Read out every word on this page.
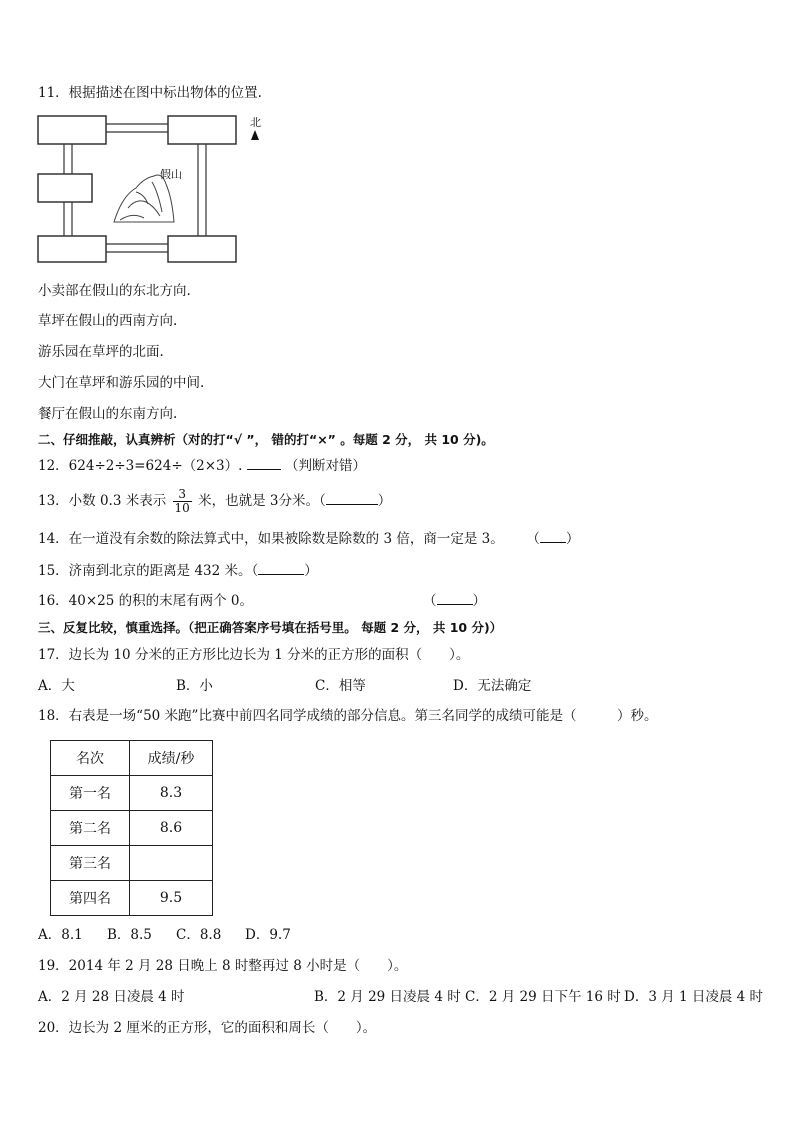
11．根据描述在图中标出物体的位置.
假山
北
小卖部在假山的东北方向.
草坪在假山的西南方向.
游乐园在草坪的北面.
大门在草坪和游乐园的中间.
餐厅在假山的东南方向.
二、仔细推敲，认真辨析（对的打“√ ”， 错的打“×” 。每题 2 分， 共 10 分)。
12．624÷2÷3=624÷（2×3）.	（判断对错）
13．小数 0.3 米表示 $\frac{3}{10}$ 米，也就是 3分米。（	）
14．在一道没有余数的除法算式中，如果被除数是除数的 3 倍，商一定是 3。 （ ）
15．济南到北京的距离是 432 米。（	）
16．40×25 的积的末尾有两个 0。	（	）
三、反复比较，慎重选择。（把正确答案序号填在括号里。 每题 2 分， 共 10 分)）
17．边长为 10 分米的正方形比边长为 1 分米的正方形的面积（　　）。
A．大	B．小	C．相等	D．无法确定
18．右表是一场“50 米跑”比赛中前四名同学成绩的部分信息。第三名同学的成绩可能是（　　　）秒。
名次	成绩/秒
第一名	8.3
第二名	8.6
第三名	
第四名	9.5
A．8.1 B．8.5 C．8.8 D．9.7
19．2014 年 2 月 28 日晚上 8 时整再过 8 小时是（　　）。
A．2 月 28 日凌晨 4 时	B．2 月 29 日凌晨 4 时 C．2 月 29 日下午 16 时 D．3 月 1 日凌晨 4 时
20．边长为 2 厘米的正方形，它的面积和周长（　　）。
